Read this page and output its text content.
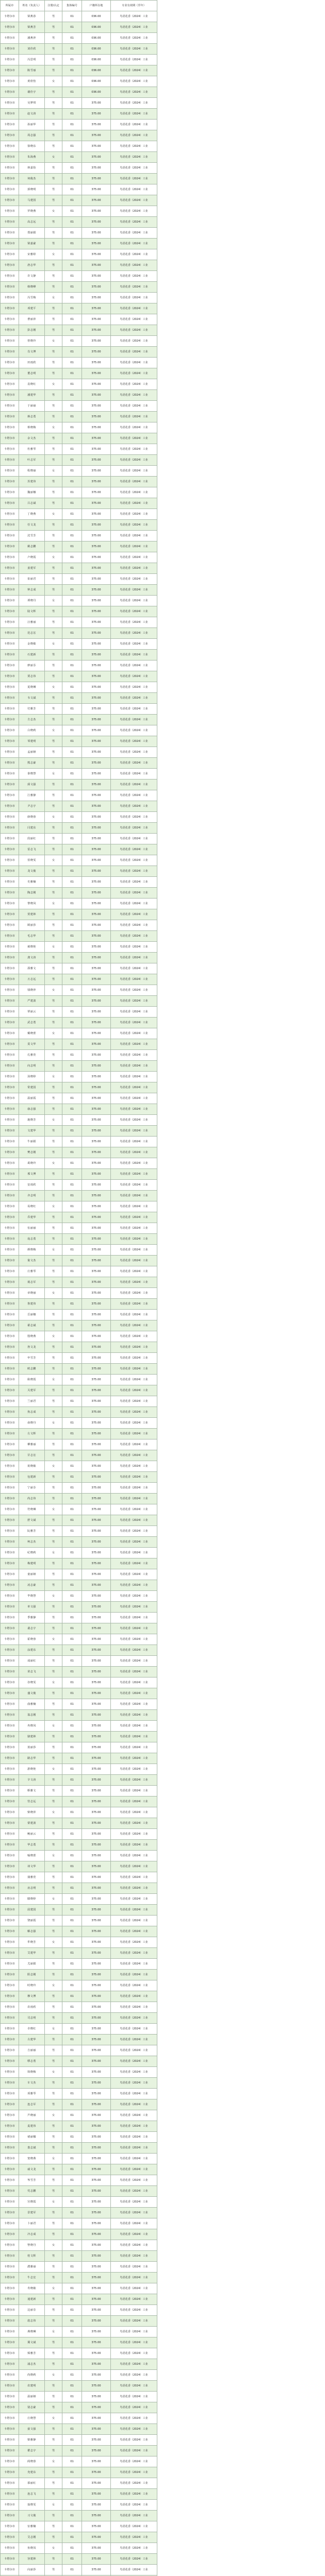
所属市	姓名（负责人）	注册/认定	集体编号	户籍所在地	专业有效期（至年）
卡塔尔市	梁燕春	男	01	036.00	鸟语花香（2024）工业
卡塔尔市	梁燕芳	男	01	036.00	鸟语花香（2024）工业
卡塔尔市	潘燕萍	男	01	036.00	鸟语花香（2024）工业
卡塔尔市	刘佳欣	男	01	036.00	鸟语花香（2024）工业
卡塔尔市	冯思明	男	01	036.00	鸟语花香（2024）工业
卡塔尔市	陈雪丽	男	01	036.00	鸟语花香（2024）工业
卡塔尔市	黄欣怡	女	01	036.00	鸟语花香（2024）工业
卡塔尔市	谢佳宇	男	01	036.00	鸟语花香（2024）工业
卡塔尔市	吴梦琪	男	01	375.00	鸟语花香（2024）工业
卡塔尔市	赵文涛	男	01	375.00	鸟语花香（2024）工业
卡塔尔市	孙丽华	男	01	375.00	鸟语花香（2024）工业
卡塔尔市	周志强	男	01	375.00	鸟语花香（2024）工业
卡塔尔市	徐晓东	男	01	375.00	鸟语花香（2024）工业
卡塔尔市	朱海燕	女	01	375.00	鸟语花香（2024）工业
卡塔尔市	林嘉怡	男	01	375.00	鸟语花香（2024）工业
卡塔尔市	何俊杰	男	01	375.00	鸟语花香（2024）工业
卡塔尔市	郭晓明	男	01	375.00	鸟语花香（2024）工业
卡塔尔市	马建国	男	01	375.00	鸟语花香（2024）工业
卡塔尔市	罗晓燕	女	01	375.00	鸟语花香（2024）工业
卡塔尔市	高志远	男	01	375.00	鸟语花香（2024）工业
卡塔尔市	郑丽娟	男	01	375.00	鸟语花香（2024）工业
卡塔尔市	梁嘉豪	男	01	375.00	鸟语花香（2024）工业
卡塔尔市	宋雅婷	女	01	375.00	鸟语花香（2024）工业
卡塔尔市	唐志华	男	01	375.00	鸟语花香（2024）工业
卡塔尔市	许文静	男	01	375.00	鸟语花香（2024）工业
卡塔尔市	韩晓峰	男	01	375.00	鸟语花香（2024）工业
卡塔尔市	冯雪梅	女	01	375.00	鸟语花香（2024）工业
卡塔尔市	邓建平	男	01	375.00	鸟语花香（2024）工业
卡塔尔市	曹丽萍	男	01	375.00	鸟语花香（2024）工业
卡塔尔市	彭志刚	男	01	375.00	鸟语花香（2024）工业
卡塔尔市	曾晓玲	女	01	375.00	鸟语花香（2024）工业
卡塔尔市	肖文博	男	01	375.00	鸟语花香（2024）工业
卡塔尔市	田雨欣	男	01	375.00	鸟语花香（2024）工业
卡塔尔市	董志明	男	01	375.00	鸟语花香（2024）工业
卡塔尔市	袁晓红	女	01	375.00	鸟语花香（2024）工业
卡塔尔市	潘建华	男	01	375.00	鸟语花香（2024）工业
卡塔尔市	于丽丽	男	01	375.00	鸟语花香（2024）工业
卡塔尔市	蒋志勇	男	01	375.00	鸟语花香（2024）工业
卡塔尔市	蔡晓梅	女	01	375.00	鸟语花香（2024）工业
卡塔尔市	余文杰	男	01	375.00	鸟语花香（2024）工业
卡塔尔市	杜雅琴	男	01	375.00	鸟语花香（2024）工业
卡塔尔市	叶志军	男	01	375.00	鸟语花香（2024）工业
卡塔尔市	程晓丽	女	01	375.00	鸟语花香（2024）工业
卡塔尔市	苏建伟	男	01	375.00	鸟语花香（2024）工业
卡塔尔市	魏丽娜	男	01	375.00	鸟语花香（2024）工业
卡塔尔市	吕志斌	男	01	375.00	鸟语花香（2024）工业
卡塔尔市	丁晓燕	女	01	375.00	鸟语花香（2024）工业
卡塔尔市	任文龙	男	01	375.00	鸟语花香（2024）工业
卡塔尔市	沈雪芳	男	01	375.00	鸟语花香（2024）工业
卡塔尔市	姚志鹏	男	01	375.00	鸟语花香（2024）工业
卡塔尔市	卢晓霞	女	01	375.00	鸟语花香（2024）工业
卡塔尔市	姜建军	男	01	375.00	鸟语花香（2024）工业
卡塔尔市	崔丽君	男	01	375.00	鸟语花香（2024）工业
卡塔尔市	钟志成	男	01	375.00	鸟语花香（2024）工业
卡塔尔市	谭晓丹	女	01	375.00	鸟语花香（2024）工业
卡塔尔市	陆文辉	男	01	375.00	鸟语花香（2024）工业
卡塔尔市	汪雅丽	男	01	375.00	鸟语花香（2024）工业
卡塔尔市	范志宏	男	01	375.00	鸟语花香（2024）工业
卡塔尔市	金晓敏	女	01	375.00	鸟语花香（2024）工业
卡塔尔市	石建新	男	01	375.00	鸟语花香（2024）工业
卡塔尔市	廖丽芬	男	01	375.00	鸟语花香（2024）工业
卡塔尔市	贾志伟	男	01	375.00	鸟语花香（2024）工业
卡塔尔市	夏晓琳	女	01	375.00	鸟语花香（2024）工业
卡塔尔市	韦文斌	男	01	375.00	鸟语花香（2024）工业
卡塔尔市	付雅芳	男	01	375.00	鸟语花香（2024）工业
卡塔尔市	方志杰	男	01	375.00	鸟语花香（2024）工业
卡塔尔市	白晓莉	女	01	375.00	鸟语花香（2024）工业
卡塔尔市	邹建明	男	01	375.00	鸟语花香（2024）工业
卡塔尔市	孟丽娅	男	01	375.00	鸟语花香（2024）工业
卡塔尔市	熊志豪	男	01	375.00	鸟语花香（2024）工业
卡塔尔市	秦晓慧	女	01	375.00	鸟语花香（2024）工业
卡塔尔市	邱文强	男	01	375.00	鸟语花香（2024）工业
卡塔尔市	江雅静	男	01	375.00	鸟语花香（2024）工业
卡塔尔市	尹志宇	男	01	375.00	鸟语花香（2024）工业
卡塔尔市	薛晓蓉	女	01	375.00	鸟语花香（2024）工业
卡塔尔市	闫建东	男	01	375.00	鸟语花香（2024）工业
卡塔尔市	段丽红	男	01	375.00	鸟语花香（2024）工业
卡塔尔市	雷志飞	男	01	375.00	鸟语花香（2024）工业
卡塔尔市	侯晓雯	女	01	375.00	鸟语花香（2024）工业
卡塔尔市	龙文俊	男	01	375.00	鸟语花香（2024）工业
卡塔尔市	史雅楠	男	01	375.00	鸟语花香（2024）工业
卡塔尔市	陶志刚	男	01	375.00	鸟语花香（2024）工业
卡塔尔市	黎晓凤	女	01	375.00	鸟语花香（2024）工业
卡塔尔市	贺建林	男	01	375.00	鸟语花香（2024）工业
卡塔尔市	顾丽莎	男	01	375.00	鸟语花香（2024）工业
卡塔尔市	毛志华	男	01	375.00	鸟语花香（2024）工业
卡塔尔市	郝晓艳	女	01	375.00	鸟语花香（2024）工业
卡塔尔市	龚文涛	男	01	375.00	鸟语花香（2024）工业
卡塔尔市	邵雅文	男	01	375.00	鸟语花香（2024）工业
卡塔尔市	万志远	男	01	375.00	鸟语花香（2024）工业
卡塔尔市	钱晓萍	女	01	375.00	鸟语花香（2024）工业
卡塔尔市	严建波	男	01	375.00	鸟语花香（2024）工业
卡塔尔市	覃丽云	男	01	375.00	鸟语花香（2024）工业
卡塔尔市	武志勇	男	01	375.00	鸟语花香（2024）工业
卡塔尔市	戴晓蕾	女	01	375.00	鸟语花香（2024）工业
卡塔尔市	莫文华	男	01	375.00	鸟语花香（2024）工业
卡塔尔市	孔雅萱	男	01	375.00	鸟语花香（2024）工业
卡塔尔市	向志明	男	01	375.00	鸟语花香（2024）工业
卡塔尔市	汤晓婷	女	01	375.00	鸟语花香（2024）工业
卡塔尔市	常建国	男	01	375.00	鸟语花香（2024）工业
卡塔尔市	温丽霞	男	01	375.00	鸟语花香（2024）工业
卡塔尔市	康志强	男	01	375.00	鸟语花香（2024）工业
卡塔尔市	施晓芳	女	01	375.00	鸟语花香（2024）工业
卡塔尔市	文建华	男	01	375.00	鸟语花香（2024）工业
卡塔尔市	牛丽娟	男	01	375.00	鸟语花香（2024）工业
卡塔尔市	樊志刚	男	01	375.00	鸟语花香（2024）工业
卡塔尔市	葛晓玲	女	01	375.00	鸟语花香（2024）工业
卡塔尔市	邢文博	男	01	375.00	鸟语花香（2024）工业
卡塔尔市	安雨欣	男	01	375.00	鸟语花香（2024）工业
卡塔尔市	齐志明	男	01	375.00	鸟语花香（2024）工业
卡塔尔市	易晓红	女	01	375.00	鸟语花香（2024）工业
卡塔尔市	乔建华	男	01	375.00	鸟语花香（2024）工业
卡塔尔市	伍丽丽	男	01	375.00	鸟语花香（2024）工业
卡塔尔市	庞志勇	男	01	375.00	鸟语花香（2024）工业
卡塔尔市	颜晓梅	女	01	375.00	鸟语花香（2024）工业
卡塔尔市	倪文杰	男	01	375.00	鸟语花香（2024）工业
卡塔尔市	庄雅琴	男	01	375.00	鸟语花香（2024）工业
卡塔尔市	聂志军	男	01	375.00	鸟语花香（2024）工业
卡塔尔市	章晓丽	女	01	375.00	鸟语花香（2024）工业
卡塔尔市	鲁建伟	男	01	375.00	鸟语花香（2024）工业
卡塔尔市	岳丽娜	男	01	375.00	鸟语花香（2024）工业
卡塔尔市	翟志斌	男	01	375.00	鸟语花香（2024）工业
卡塔尔市	殷晓燕	女	01	375.00	鸟语花香（2024）工业
卡塔尔市	詹文龙	男	01	375.00	鸟语花香（2024）工业
卡塔尔市	申雪芳	男	01	375.00	鸟语花香（2024）工业
卡塔尔市	欧志鹏	男	01	375.00	鸟语花香（2024）工业
卡塔尔市	耿晓霞	女	01	375.00	鸟语花香（2024）工业
卡塔尔市	关建军	男	01	375.00	鸟语花香（2024）工业
卡塔尔市	兰丽君	男	01	375.00	鸟语花香（2024）工业
卡塔尔市	焦志成	男	01	375.00	鸟语花香（2024）工业
卡塔尔市	俞晓丹	女	01	375.00	鸟语花香（2024）工业
卡塔尔市	左文辉	男	01	375.00	鸟语花香（2024）工业
卡塔尔市	柳雅丽	男	01	375.00	鸟语花香（2024）工业
卡塔尔市	甘志宏	男	01	375.00	鸟语花香（2024）工业
卡塔尔市	祝晓敏	女	01	375.00	鸟语花香（2024）工业
卡塔尔市	包建新	男	01	375.00	鸟语花香（2024）工业
卡塔尔市	宁丽芬	男	01	375.00	鸟语花香（2024）工业
卡塔尔市	尚志伟	男	01	375.00	鸟语花香（2024）工业
卡塔尔市	符晓琳	女	01	375.00	鸟语花香（2024）工业
卡塔尔市	舒文斌	男	01	375.00	鸟语花香（2024）工业
卡塔尔市	阮雅芳	男	01	375.00	鸟语花香（2024）工业
卡塔尔市	柯志杰	男	01	375.00	鸟语花香（2024）工业
卡塔尔市	纪晓莉	女	01	375.00	鸟语花香（2024）工业
卡塔尔市	梅建明	男	01	375.00	鸟语花香（2024）工业
卡塔尔市	童丽娅	男	01	375.00	鸟语花香（2024）工业
卡塔尔市	凌志豪	男	01	375.00	鸟语花香（2024）工业
卡塔尔市	毕晓慧	女	01	375.00	鸟语花香（2024）工业
卡塔尔市	单文强	男	01	375.00	鸟语花香（2024）工业
卡塔尔市	季雅静	男	01	375.00	鸟语花香（2024）工业
卡塔尔市	裴志宇	男	01	375.00	鸟语花香（2024）工业
卡塔尔市	霍晓蓉	女	01	375.00	鸟语花香（2024）工业
卡塔尔市	涂建东	男	01	375.00	鸟语花香（2024）工业
卡塔尔市	成丽红	男	01	375.00	鸟语花香（2024）工业
卡塔尔市	苗志飞	男	01	375.00	鸟语花香（2024）工业
卡塔尔市	谷晓雯	女	01	375.00	鸟语花香（2024）工业
卡塔尔市	盛文俊	男	01	375.00	鸟语花香（2024）工业
卡塔尔市	曲雅楠	男	01	375.00	鸟语花香（2024）工业
卡塔尔市	翁志刚	男	01	375.00	鸟语花香（2024）工业
卡塔尔市	冉晓凤	女	01	375.00	鸟语花香（2024）工业
卡塔尔市	骆建林	男	01	375.00	鸟语花香（2024）工业
卡塔尔市	蓝丽莎	男	01	375.00	鸟语花香（2024）工业
卡塔尔市	路志华	男	01	375.00	鸟语花香（2024）工业
卡塔尔市	游晓艳	女	01	375.00	鸟语花香（2024）工业
卡塔尔市	辛文涛	男	01	375.00	鸟语花香（2024）工业
卡塔尔市	靳雅文	男	01	375.00	鸟语花香（2024）工业
卡塔尔市	管志远	男	01	375.00	鸟语花香（2024）工业
卡塔尔市	柴晓萍	女	01	375.00	鸟语花香（2024）工业
卡塔尔市	蒙建波	男	01	375.00	鸟语花香（2024）工业
卡塔尔市	鲍丽云	男	01	375.00	鸟语花香（2024）工业
卡塔尔市	华志勇	男	01	375.00	鸟语花香（2024）工业
卡塔尔市	喻晓蕾	女	01	375.00	鸟语花香（2024）工业
卡塔尔市	祁文华	男	01	375.00	鸟语花香（2024）工业
卡塔尔市	蒲雅萱	男	01	375.00	鸟语花香（2024）工业
卡塔尔市	房志明	男	01	375.00	鸟语花香（2024）工业
卡塔尔市	滕晓婷	女	01	375.00	鸟语花香（2024）工业
卡塔尔市	屈建国	男	01	375.00	鸟语花香（2024）工业
卡塔尔市	饶丽霞	男	01	375.00	鸟语花香（2024）工业
卡塔尔市	解志强	男	01	375.00	鸟语花香（2024）工业
卡塔尔市	牟晓芳	女	01	375.00	鸟语花香（2024）工业
卡塔尔市	艾建华	男	01	375.00	鸟语花香（2024）工业
卡塔尔市	尤丽娟	男	01	375.00	鸟语花香（2024）工业
卡塔尔市	阳志刚	男	01	375.00	鸟语花香（2024）工业
卡塔尔市	时晓玲	女	01	375.00	鸟语花香（2024）工业
卡塔尔市	穆文博	男	01	375.00	鸟语花香（2024）工业
卡塔尔市	农雨欣	男	01	375.00	鸟语花香（2024）工业
卡塔尔市	司志明	男	01	375.00	鸟语花香（2024）工业
卡塔尔市	卓晓红	女	01	375.00	鸟语花香（2024）工业
卡塔尔市	古建华	男	01	375.00	鸟语花香（2024）工业
卡塔尔市	吉丽丽	男	01	375.00	鸟语花香（2024）工业
卡塔尔市	缪志勇	男	01	375.00	鸟语花香（2024）工业
卡塔尔市	简晓梅	女	01	375.00	鸟语花香（2024）工业
卡塔尔市	车文杰	男	01	375.00	鸟语花香（2024）工业
卡塔尔市	项雅琴	男	01	375.00	鸟语花香（2024）工业
卡塔尔市	连志军	男	01	375.00	鸟语花香（2024）工业
卡塔尔市	芦晓丽	女	01	375.00	鸟语花香（2024）工业
卡塔尔市	麦建伟	男	01	375.00	鸟语花香（2024）工业
卡塔尔市	褚丽娜	男	01	375.00	鸟语花香（2024）工业
卡塔尔市	娄志斌	男	01	375.00	鸟语花香（2024）工业
卡塔尔市	窦晓燕	女	01	375.00	鸟语花香（2024）工业
卡塔尔市	戚文龙	男	01	375.00	鸟语花香（2024）工业
卡塔尔市	岑雪芳	男	01	375.00	鸟语花香（2024）工业
卡塔尔市	党志鹏	男	01	375.00	鸟语花香（2024）工业
卡塔尔市	宫晓霞	女	01	375.00	鸟语花香（2024）工业
卡塔尔市	景建军	男	01	375.00	鸟语花香（2024）工业
卡塔尔市	卜丽君	男	01	375.00	鸟语花香（2024）工业
卡塔尔市	冷志成	男	01	375.00	鸟语花香（2024）工业
卡塔尔市	訾晓丹	女	01	375.00	鸟语花香（2024）工业
卡塔尔市	桂文辉	男	01	375.00	鸟语花香（2024）工业
卡塔尔市	濮雅丽	男	01	375.00	鸟语花香（2024）工业
卡塔尔市	牛志宏	男	01	375.00	鸟语花香（2024）工业
卡塔尔市	寿晓敏	女	01	375.00	鸟语花香（2024）工业
卡塔尔市	通建新	男	01	375.00	鸟语花香（2024）工业
卡塔尔市	边丽芬	男	01	375.00	鸟语花香（2024）工业
卡塔尔市	扈志伟	男	01	375.00	鸟语花香（2024）工业
卡塔尔市	燕晓琳	女	01	375.00	鸟语花香（2024）工业
卡塔尔市	冀文斌	男	01	375.00	鸟语花香（2024）工业
卡塔尔市	郏雅芳	男	01	375.00	鸟语花香（2024）工业
卡塔尔市	浦志杰	男	01	375.00	鸟语花香（2024）工业
卡塔尔市	尚晓莉	女	01	375.00	鸟语花香（2024）工业
卡塔尔市	农建明	男	01	375.00	鸟语花香（2024）工业
卡塔尔市	温丽娅	男	01	375.00	鸟语花香（2024）工业
卡塔尔市	别志豪	男	01	375.00	鸟语花香（2024）工业
卡塔尔市	庄晓慧	女	01	375.00	鸟语花香（2024）工业
卡塔尔市	晏文强	男	01	375.00	鸟语花香（2024）工业
卡塔尔市	柴雅静	男	01	375.00	鸟语花香（2024）工业
卡塔尔市	瞿志宇	男	01	375.00	鸟语花香（2024）工业
卡塔尔市	阎晓蓉	女	01	375.00	鸟语花香（2024）工业
卡塔尔市	充建东	男	01	375.00	鸟语花香（2024）工业
卡塔尔市	慕丽红	男	01	375.00	鸟语花香（2024）工业
卡塔尔市	连志飞	男	01	375.00	鸟语花香（2024）工业
卡塔尔市	茹晓雯	女	01	375.00	鸟语花香（2024）工业
卡塔尔市	习文俊	男	01	375.00	鸟语花香（2024）工业
卡塔尔市	宦雅楠	男	01	375.00	鸟语花香（2024）工业
卡塔尔市	艾志刚	男	01	375.00	鸟语花香（2024）工业
卡塔尔市	鱼晓凤	女	01	375.00	鸟语花香（2024）工业
卡塔尔市	容建林	男	01	375.00	鸟语花香（2024）工业
卡塔尔市	向丽莎	男	01	375.00	鸟语花香（2024）工业
